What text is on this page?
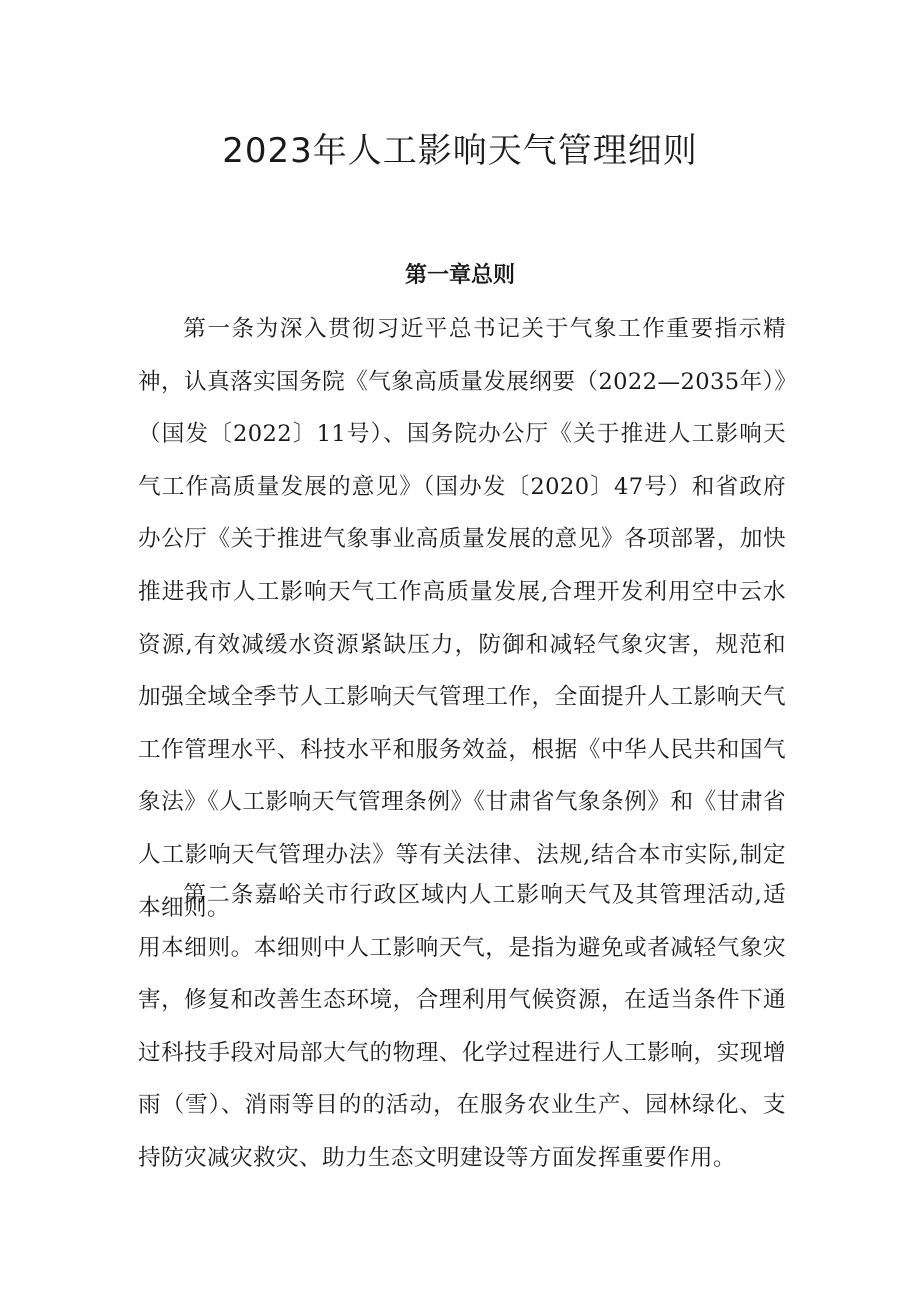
2023年人工影响天气管理细则
第一章总则

第一条为深入贯彻习近平总书记关于气象工作重要指示精神，认真落实国务院《气象高质量发展纲要（2022—2035年）》（国发〔2022〕11号）、国务院办公厅《关于推进人工影响天气工作高质量发展的意见》（国办发〔2020〕47号）和省政府办公厅《关于推进气象事业高质量发展的意见》各项部署，加快推进我市人工影响天气工作高质量发展,合理开发利用空中云水资源,有效减缓水资源紧缺压力，防御和减轻气象灾害，规范和加强全域全季节人工影响天气管理工作，全面提升人工影响天气工作管理水平、科技水平和服务效益，根据《中华人民共和国气象法》《人工影响天气管理条例》《甘肃省气象条例》和《甘肃省人工影响天气管理办法》等有关法律、法规,结合本市实际,制定本细则。

第二条嘉峪关市行政区域内人工影响天气及其管理活动,适用本细则。本细则中人工影响天气，是指为避免或者减轻气象灾害，修复和改善生态环境，合理利用气候资源，在适当条件下通过科技手段对局部大气的物理、化学过程进行人工影响，实现增雨（雪）、消雨等目的的活动，在服务农业生产、园林绿化、支持防灾减灾救灾、助力生态文明建设等方面发挥重要作用。
